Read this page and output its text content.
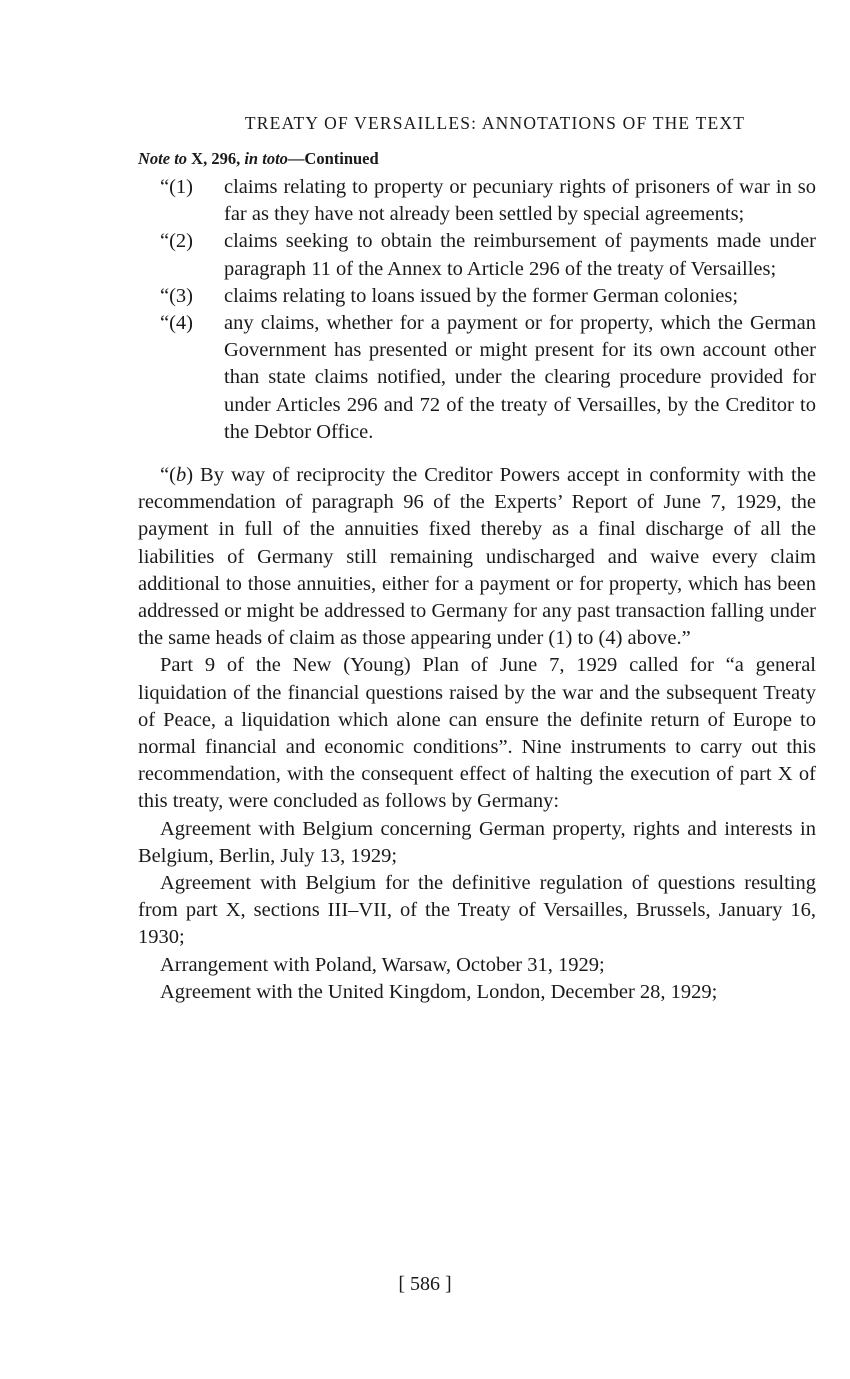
TREATY OF VERSAILLES: ANNOTATIONS OF THE TEXT
Note to X, 296, in toto—Continued
“(1) claims relating to property or pecuniary rights of prisoners of war in so far as they have not already been settled by special agreements;
“(2) claims seeking to obtain the reimbursement of payments made under paragraph 11 of the Annex to Article 296 of the treaty of Versailles;
“(3) claims relating to loans issued by the former German colonies;
“(4) any claims, whether for a payment or for property, which the German Government has presented or might present for its own account other than state claims notified, under the clearing procedure provided for under Articles 296 and 72 of the treaty of Versailles, by the Creditor to the Debtor Office.

“(b) By way of reciprocity the Creditor Powers accept in conformity with the recommendation of paragraph 96 of the Experts’ Report of June 7, 1929, the payment in full of the annuities fixed thereby as a final discharge of all the liabilities of Germany still remaining undischarged and waive every claim additional to those annuities, either for a payment or for property, which has been addressed or might be addressed to Germany for any past transaction falling under the same heads of claim as those appearing under (1) to (4) above.”

Part 9 of the New (Young) Plan of June 7, 1929 called for “a general liquidation of the financial questions raised by the war and the subsequent Treaty of Peace, a liquidation which alone can ensure the definite return of Europe to normal financial and economic conditions”. Nine instruments to carry out this recommendation, with the consequent effect of halting the execution of part X of this treaty, were concluded as follows by Germany:

Agreement with Belgium concerning German property, rights and interests in Belgium, Berlin, July 13, 1929;
Agreement with Belgium for the definitive regulation of questions resulting from part X, sections III–VII, of the Treaty of Versailles, Brussels, January 16, 1930;
Arrangement with Poland, Warsaw, October 31, 1929;
Agreement with the United Kingdom, London, December 28, 1929;
[ 586 ]
